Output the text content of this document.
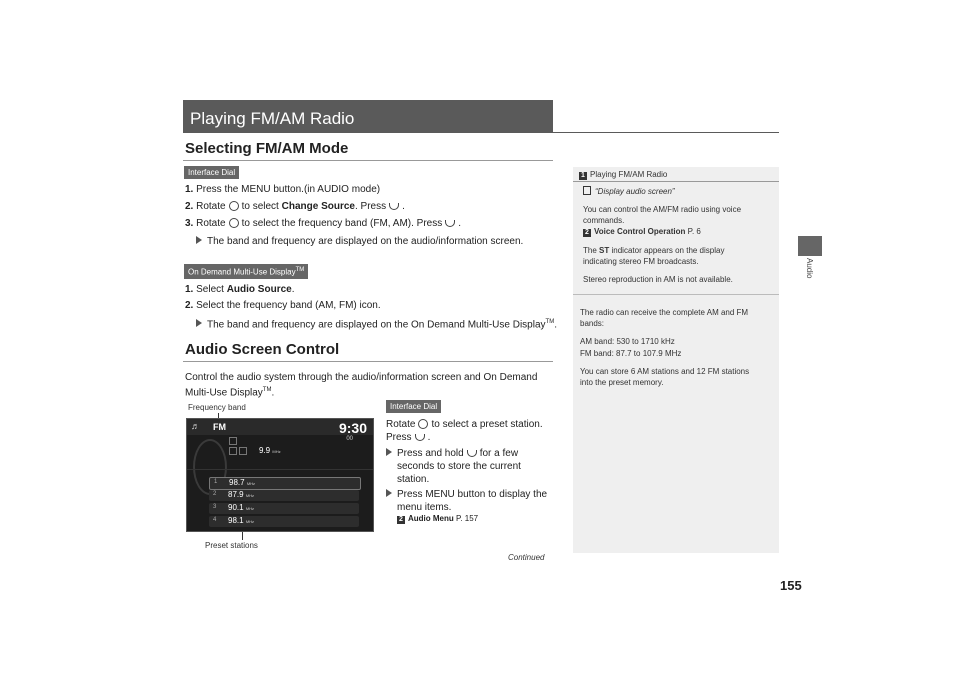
Playing FM/AM Radio
Selecting FM/AM Mode
Interface Dial
1. Press the MENU button.(in AUDIO mode)
2. Rotate to select Change Source. Press .
3. Rotate to select the frequency band (FM, AM). Press .
The band and frequency are displayed on the audio/information screen.
On Demand Multi-Use Display™
1. Select Audio Source.
2. Select the frequency band (AM, FM) icon.
The band and frequency are displayed on the On Demand Multi-Use Display™.
Audio Screen Control
Control the audio system through the audio/information screen and On Demand
Multi-Use Display™.
Frequency band
Preset stations
♬ FM	9:30
00
9.9 MHz
1 98.7 MHz
2 87.9 MHz
3 90.1 MHz
4 98.1 MHz
Interface Dial
Rotate to select a preset station.
Press .
Press and hold for a few
seconds to store the current
station.
Press MENU button to display the
menu items.
2 Audio Menu P. 157
1 Playing FM/AM Radio
“Display audio screen”
You can control the AM/FM radio using voice
commands.
2 Voice Control Operation P. 6
The ST indicator appears on the display
indicating stereo FM broadcasts.
Stereo reproduction in AM is not available.
The radio can receive the complete AM and FM
bands:
AM band: 530 to 1710 kHz
FM band: 87.7 to 107.9 MHz
You can store 6 AM stations and 12 FM stations
into the preset memory.
Audio
Continued
155
